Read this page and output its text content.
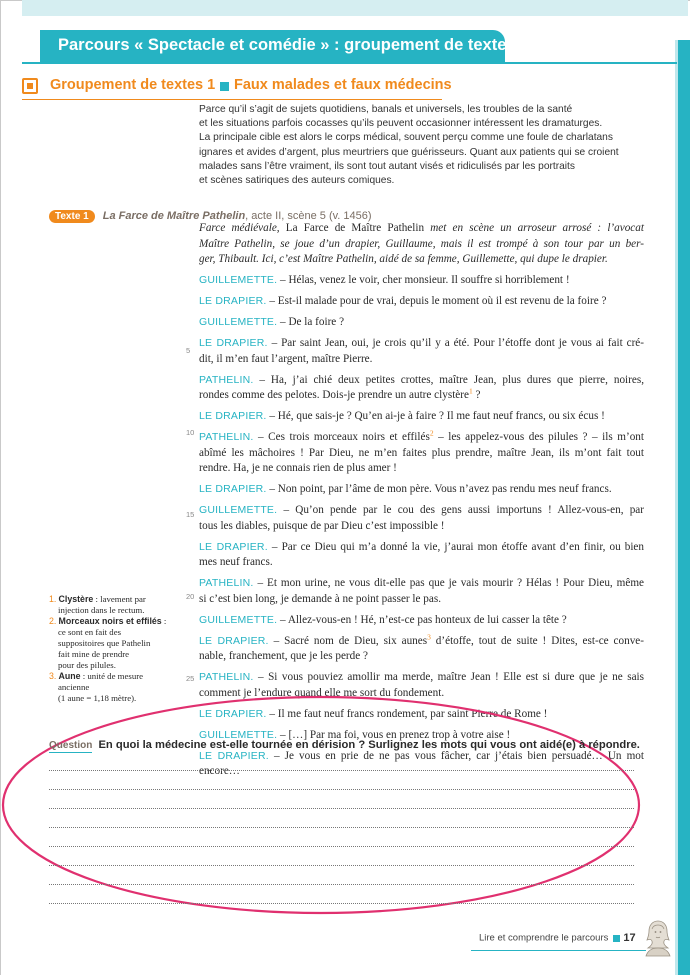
Parcours « Spectacle et comédie » : groupement de textes
Groupement de textes 1 Faux malades et faux médecins
Parce qu’il s’agit de sujets quotidiens, banals et universels, les troubles de la santé
et les situations parfois cocasses qu’ils peuvent occasionner intéressent les dramaturges.
La principale cible est alors le corps médical, souvent perçu comme une foule de charlatans
ignares et avides d’argent, plus meurtriers que guérisseurs. Quant aux patients qui se croient
malades sans l’être vraiment, ils sont tout autant visés et ridiculisés par les portraits
et scènes satiriques des auteurs comiques.
Texte 1 La Farce de Maître Pathelin, acte II, scène 5 (v. 1456)
Farce médiévale, La Farce de Maître Pathelin met en scène un arroseur arrosé : l’avocat
Maître Pathelin, se joue d’un drapier, Guillaume, mais il est trompé à son tour par un ber-
ger, Thibault. Ici, c’est Maître Pathelin, aidé de sa femme, Guillemette, qui dupe le drapier.
GUILLEMETTE. – Hélas, venez le voir, cher monsieur. Il souffre si horriblement !
LE DRAPIER. – Est-il malade pour de vrai, depuis le moment où il est revenu de la foire ?
GUILLEMETTE. – De la foire ?
LE DRAPIER. – Par saint Jean, oui, je crois qu’il y a été. Pour l’étoffe dont je vous ai fait cré-
dit, il m’en faut l’argent, maître Pierre.
PATHELIN. – Ha, j’ai chié deux petites crottes, maître Jean, plus dures que pierre, noires,
rondes comme des pelotes. Dois-je prendre un autre clystère$^1$ ?
LE DRAPIER. – Hé, que sais-je ? Qu’en ai-je à faire ? Il me faut neuf francs, ou six écus !
PATHELIN. – Ces trois morceaux noirs et effilés$^2$ – les appelez-vous des pilules ? – ils m’ont
abîmé les mâchoires ! Par Dieu, ne m’en faites plus prendre, maître Jean, ils m’ont fait tout
rendre. Ha, je ne connais rien de plus amer !
LE DRAPIER. – Non point, par l’âme de mon père. Vous n’avez pas rendu mes neuf francs.
GUILLEMETTE. – Qu’on pende par le cou des gens aussi importuns ! Allez-vous-en, par
tous les diables, puisque de par Dieu c’est impossible !
LE DRAPIER. – Par ce Dieu qui m’a donné la vie, j’aurai mon étoffe avant d’en finir, ou bien
mes neuf francs.
PATHELIN. – Et mon urine, ne vous dit-elle pas que je vais mourir ? Hélas ! Pour Dieu, même
si c’est bien long, je demande à ne point passer le pas.
GUILLEMETTE. – Allez-vous-en ! Hé, n’est-ce pas honteux de lui casser la tête ?
LE DRAPIER. – Sacré nom de Dieu, six aunes$^3$ d’étoffe, tout de suite ! Dites, est-ce conve-
nable, franchement, que je les perde ?
PATHELIN. – Si vous pouviez amollir ma merde, maître Jean ! Elle est si dure que je ne sais
comment je l’endure quand elle me sort du fondement.
LE DRAPIER. – Il me faut neuf francs rondement, par saint Pierre de Rome !
GUILLEMETTE. – […] Par ma foi, vous en prenez trop à votre aise !
LE DRAPIER. – Je vous en prie de ne pas vous fâcher, car j’étais bien persuadé… Un mot
encore…
5
10
15
20
25
1. Clystère : lavement par
injection dans le rectum.
2. Morceaux noirs et effilés :
ce sont en fait des
suppositoires que Pathelin
fait mine de prendre
pour des pilules.
3. Aune : unité de mesure
ancienne
(1 aune = 1,18 mètre).
Question En quoi la médecine est-elle tournée en dérision ? Surlignez les mots qui vous ont aidé(e) à répondre.
Lire et comprendre le parcours 17
